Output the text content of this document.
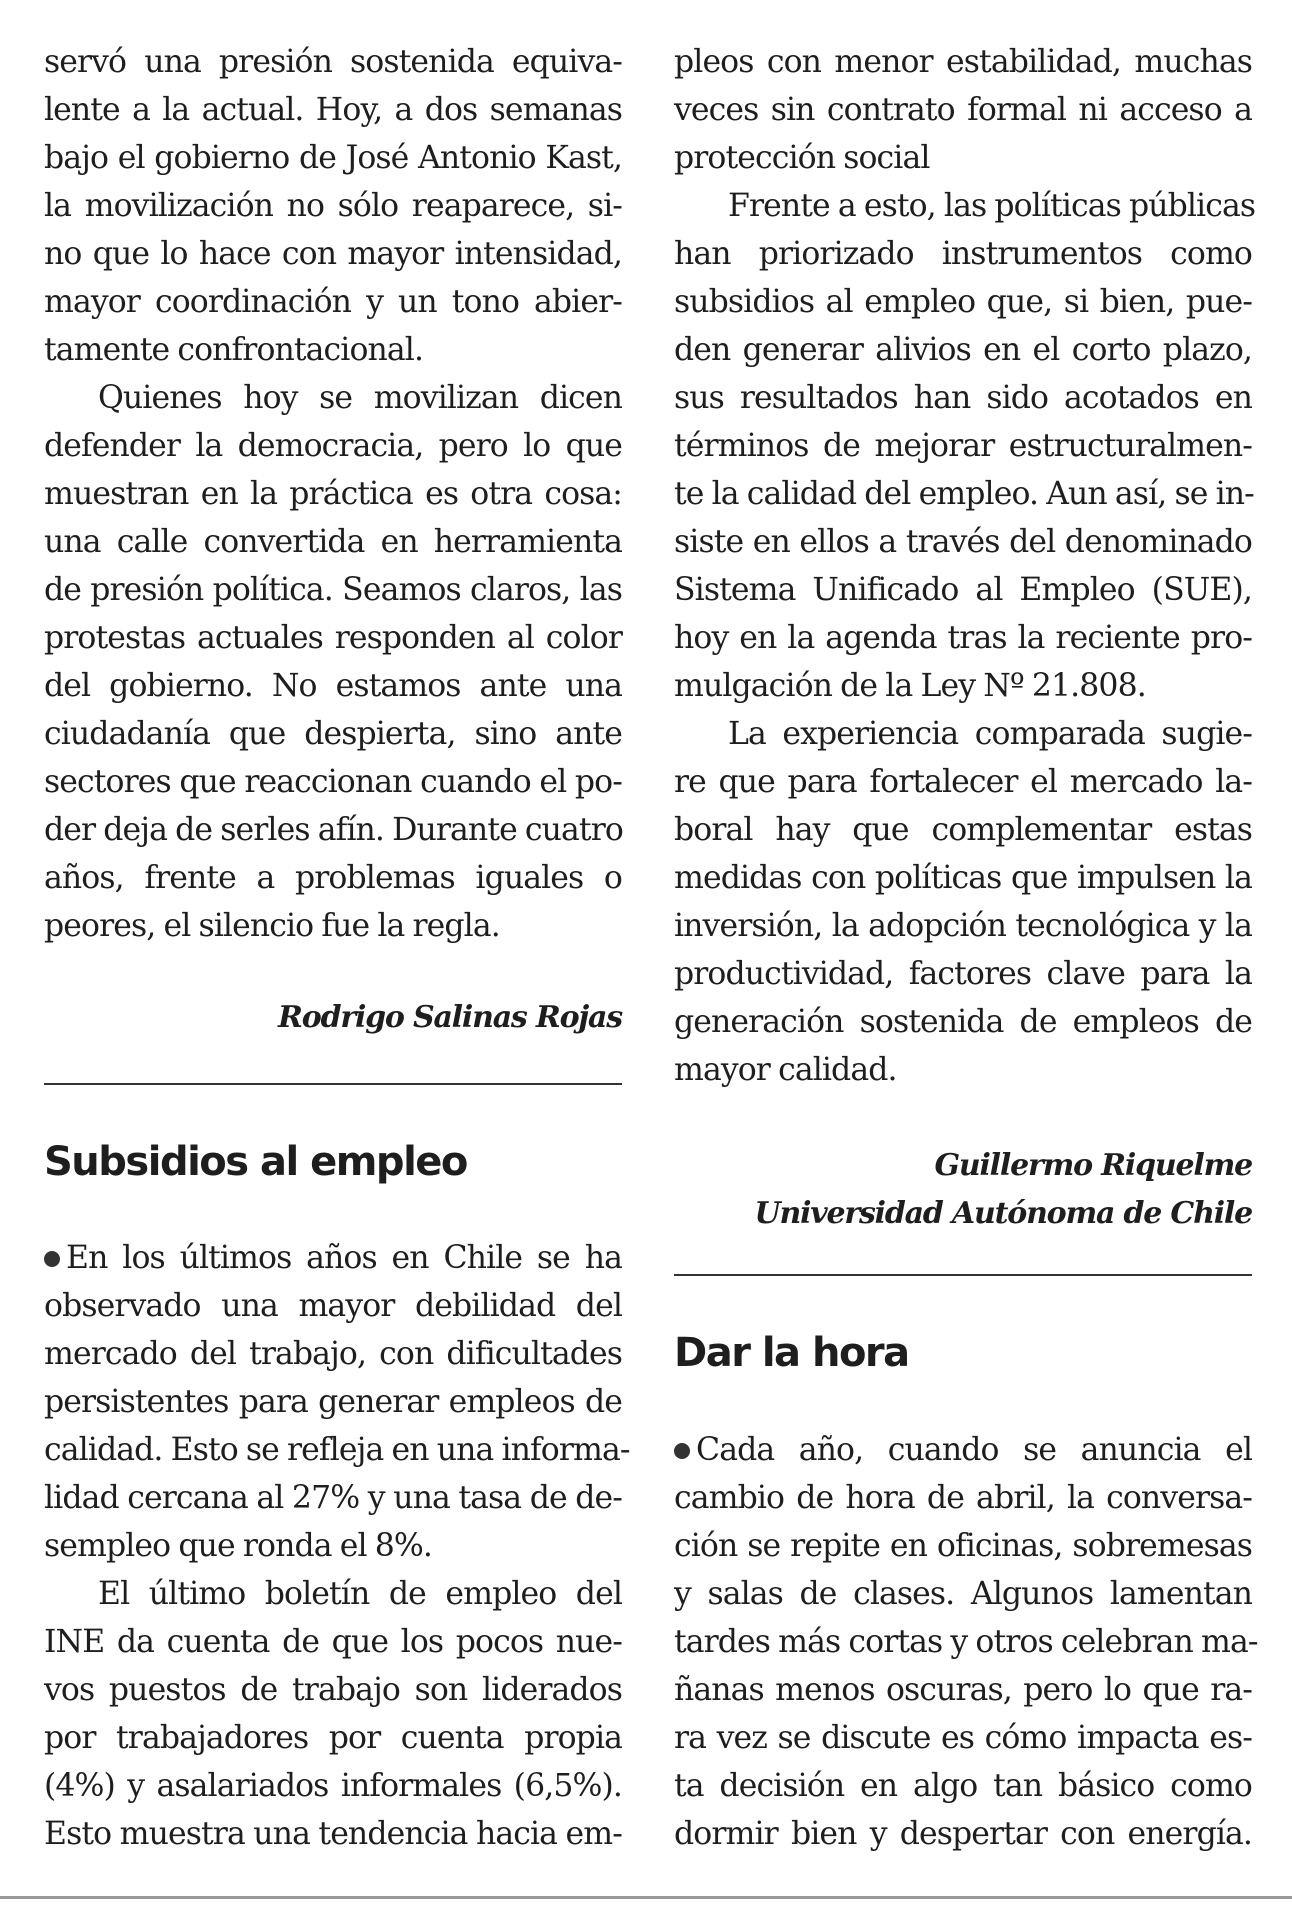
servó una presión sostenida equiva-
lente a la actual. Hoy, a dos semanas
bajo el gobierno de José Antonio Kast,
la movilización no sólo reaparece, si-
no que lo hace con mayor intensidad,
mayor coordinación y un tono abier-
tamente confrontacional.
Quienes hoy se movilizan dicen
defender la democracia, pero lo que
muestran en la práctica es otra cosa:
una calle convertida en herramienta
de presión política. Seamos claros, las
protestas actuales responden al color
del gobierno. No estamos ante una
ciudadanía que despierta, sino ante
sectores que reaccionan cuando el po-
der deja de serles afín. Durante cuatro
años, frente a problemas iguales o
peores, el silencio fue la regla.
Rodrigo Salinas Rojas
Subsidios al empleo
En los últimos años en Chile se ha
observado una mayor debilidad del
mercado del trabajo, con dificultades
persistentes para generar empleos de
calidad. Esto se refleja en una informa-
lidad cercana al 27% y una tasa de de-
sempleo que ronda el 8%.
El último boletín de empleo del
INE da cuenta de que los pocos nue-
vos puestos de trabajo son liderados
por trabajadores por cuenta propia
(4%) y asalariados informales (6,5%).
Esto muestra una tendencia hacia em-
pleos con menor estabilidad, muchas
veces sin contrato formal ni acceso a
protección social
Frente a esto, las políticas públicas
han priorizado instrumentos como
subsidios al empleo que, si bien, pue-
den generar alivios en el corto plazo,
sus resultados han sido acotados en
términos de mejorar estructuralmen-
te la calidad del empleo. Aun así, se in-
siste en ellos a través del denominado
Sistema Unificado al Empleo (SUE),
hoy en la agenda tras la reciente pro-
mulgación de la Ley Nº 21.808.
La experiencia comparada sugie-
re que para fortalecer el mercado la-
boral hay que complementar estas
medidas con políticas que impulsen la
inversión, la adopción tecnológica y la
productividad, factores clave para la
generación sostenida de empleos de
mayor calidad.
Guillermo Riquelme
Universidad Autónoma de Chile
Dar la hora
Cada año, cuando se anuncia el
cambio de hora de abril, la conversa-
ción se repite en oficinas, sobremesas
y salas de clases. Algunos lamentan
tardes más cortas y otros celebran ma-
ñanas menos oscuras, pero lo que ra-
ra vez se discute es cómo impacta es-
ta decisión en algo tan básico como
dormir bien y despertar con energía.
